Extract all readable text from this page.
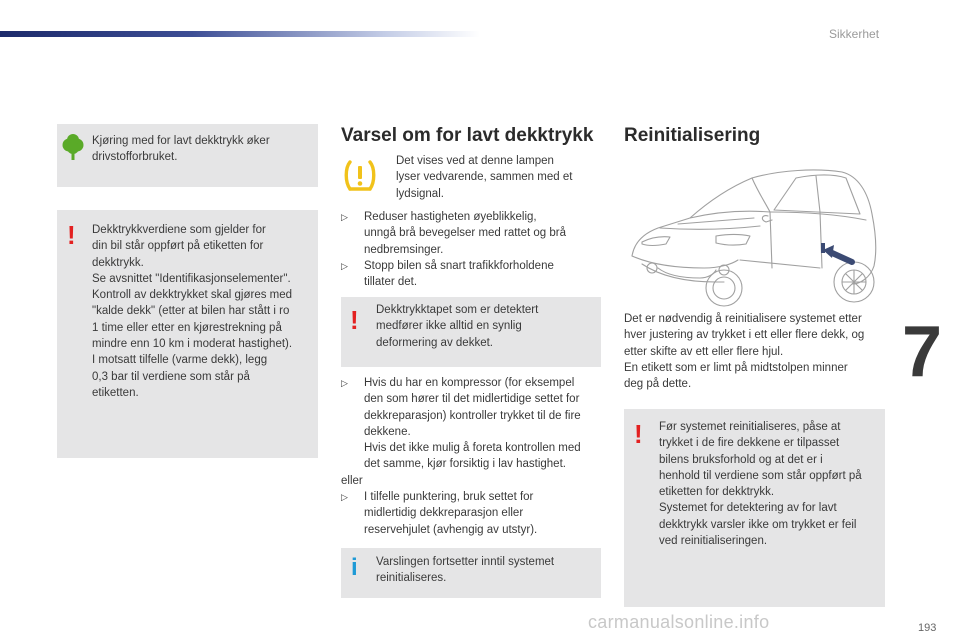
Sikkerhet
Kjøring med for lavt dekktrykk øker
drivstofforbruket.
! Dekktrykkverdiene som gjelder for
din bil står oppført på etiketten for
dekktrykk.
Se avsnittet "Identifikasjonselementer".
Kontroll av dekktrykket skal gjøres med
"kalde dekk" (etter at bilen har stått i ro
1 time eller etter en kjørestrekning på
mindre enn 10 km i moderat hastighet).
I motsatt tilfelle (varme dekk), legg
0,3 bar til verdiene som står på
etiketten.
Varsel om for lavt dekktrykk
Det vises ved at denne lampen
lyser vedvarende, sammen med et
lydsignal.
▷ Reduser hastigheten øyeblikkelig,
unngå brå bevegelser med rattet og brå
nedbremsinger.
▷ Stopp bilen så snart trafikkforholdene
tillater det.
! Dekktrykktapet som er detektert
medfører ikke alltid en synlig
deformering av dekket.
▷ Hvis du har en kompressor (for eksempel
den som hører til det midlertidige settet for
dekkreparasjon) kontroller trykket til de fire
dekkene.
Hvis det ikke mulig å foreta kontrollen med
det samme, kjør forsiktig i lav hastighet.
eller
▷ I tilfelle punktering, bruk settet for
midlertidig dekkreparasjon eller
reservehjulet (avhengig av utstyr).
i Varslingen fortsetter inntil systemet
reinitialiseres.
Reinitialisering
Det er nødvendig å reinitialisere systemet etter
hver justering av trykket i ett eller flere dekk, og
etter skifte av ett eller flere hjul.
En etikett som er limt på midtstolpen minner
deg på dette.
! Før systemet reinitialiseres, påse at
trykket i de fire dekkene er tilpasset
bilens bruksforhold og at det er i
henhold til verdiene som står oppført på
etiketten for dekktrykk.
Systemet for detektering av for lavt
dekktrykk varsler ikke om trykket er feil
ved reinitialiseringen.
7
carmanualsonline.info	193
